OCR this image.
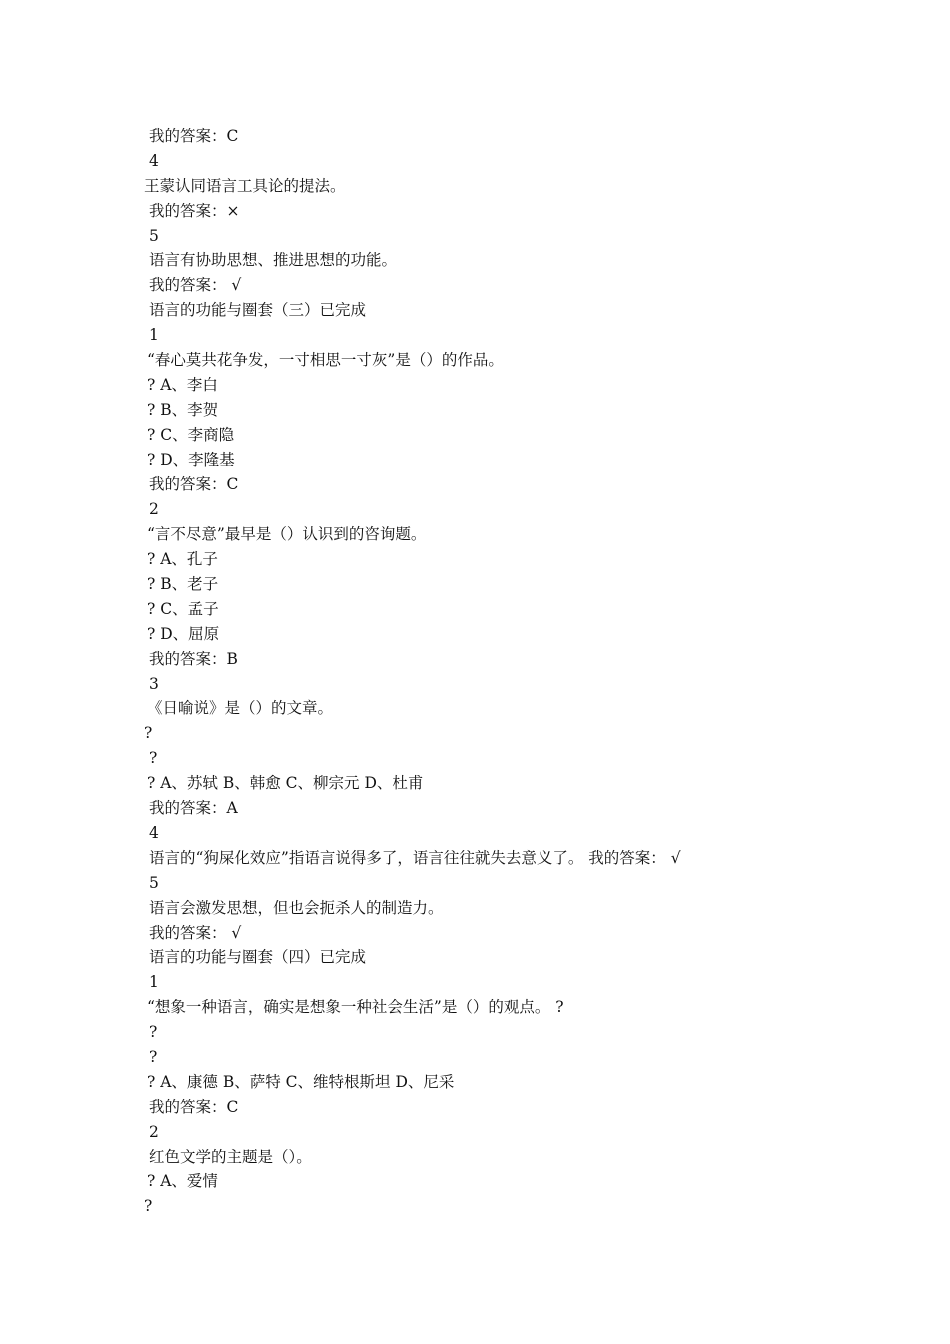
我的答案：C
4
王蒙认同语言工具论的提法。
我的答案：×
5
语言有协助思想、推进思想的功能。
我的答案： √
语言的功能与圈套（三）已完成
1
“春心莫共花争发，一寸相思一寸灰”是（）的作品。
? A、李白
? B、李贺
? C、李商隐
? D、李隆基
我的答案：C
2
“言不尽意”最早是（）认识到的咨询题。
? A、孔子
? B、老子
? C、孟子
? D、屈原
我的答案：B
3
《日喻说》是（）的文章。
?
?
? A、苏轼 B、韩愈 C、柳宗元 D、杜甫
我的答案：A
4
语言的“狗屎化效应”指语言说得多了，语言往往就失去意义了。 我的答案： √
5
语言会激发思想，但也会扼杀人的制造力。
我的答案： √
语言的功能与圈套（四）已完成
1
“想象一种语言，确实是想象一种社会生活”是（）的观点。 ?
?
?
? A、康德 B、萨特 C、维特根斯坦 D、尼采
我的答案：C
2
红色文学的主题是（）。
? A、爱情
?
